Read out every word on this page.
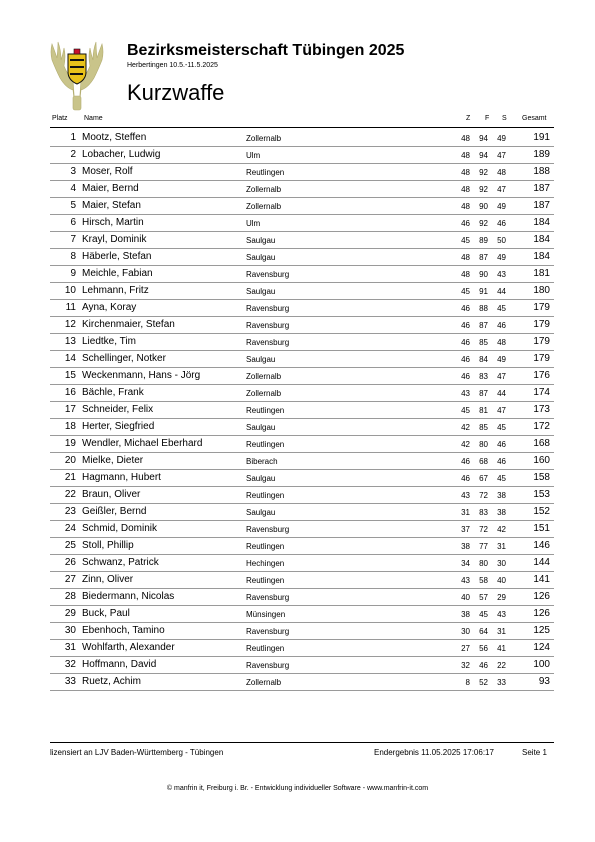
Bezirksmeisterschaft Tübingen 2025
Herbertingen 10.5.-11.5.2025
Kurzwaffe
Platz Name	Z F S Gesamt
1 Mootz, Steffen	Zollernalb	48	94	49	191
2 Lobacher, Ludwig	Ulm	48	94	47	189
3 Moser, Rolf	Reutlingen	48	92	48	188
4 Maier, Bernd	Zollernalb	48	92	47	187
5 Maier, Stefan	Zollernalb	48	90	49	187
6 Hirsch, Martin	Ulm	46	92	46	184
7 Krayl, Dominik	Saulgau	45	89	50	184
8 Häberle, Stefan	Saulgau	48	87	49	184
9 Meichle, Fabian	Ravensburg	48	90	43	181
10 Lehmann, Fritz	Saulgau	45	91	44	180
11 Ayna, Koray	Ravensburg	46	88	45	179
12 Kirchenmaier, Stefan	Ravensburg	46	87	46	179
13 Liedtke, Tim	Ravensburg	46	85	48	179
14 Schellinger, Notker	Saulgau	46	84	49	179
15 Weckenmann, Hans - Jörg	Zollernalb	46	83	47	176
16 Bächle, Frank	Zollernalb	43	87	44	174
17 Schneider, Felix	Reutlingen	45	81	47	173
18 Herter, Siegfried	Saulgau	42	85	45	172
19 Wendler, Michael Eberhard	Reutlingen	42	80	46	168
20 Mielke, Dieter	Biberach	46	68	46	160
21 Hagmann, Hubert	Saulgau	46	67	45	158
22 Braun, Oliver	Reutlingen	43	72	38	153
23 Geißler, Bernd	Saulgau	31	83	38	152
24 Schmid, Dominik	Ravensburg	37	72	42	151
25 Stoll, Phillip	Reutlingen	38	77	31	146
26 Schwanz, Patrick	Hechingen	34	80	30	144
27 Zinn, Oliver	Reutlingen	43	58	40	141
28 Biedermann, Nicolas	Ravensburg	40	57	29	126
29 Buck, Paul	Münsingen	38	45	43	126
30 Ebenhoch, Tamino	Ravensburg	30	64	31	125
31 Wohlfarth, Alexander	Reutlingen	27	56	41	124
32 Hoffmann, David	Ravensburg	32	46	22	100
33 Ruetz, Achim	Zollernalb	8	52	33	93
lizensiert an LJV Baden-Württemberg - Tübingen	Endergebnis 11.05.2025 17:06:17	Seite 1
© manfrin it, Freiburg i. Br. - Entwicklung individueller Software - www.manfrin-it.com
